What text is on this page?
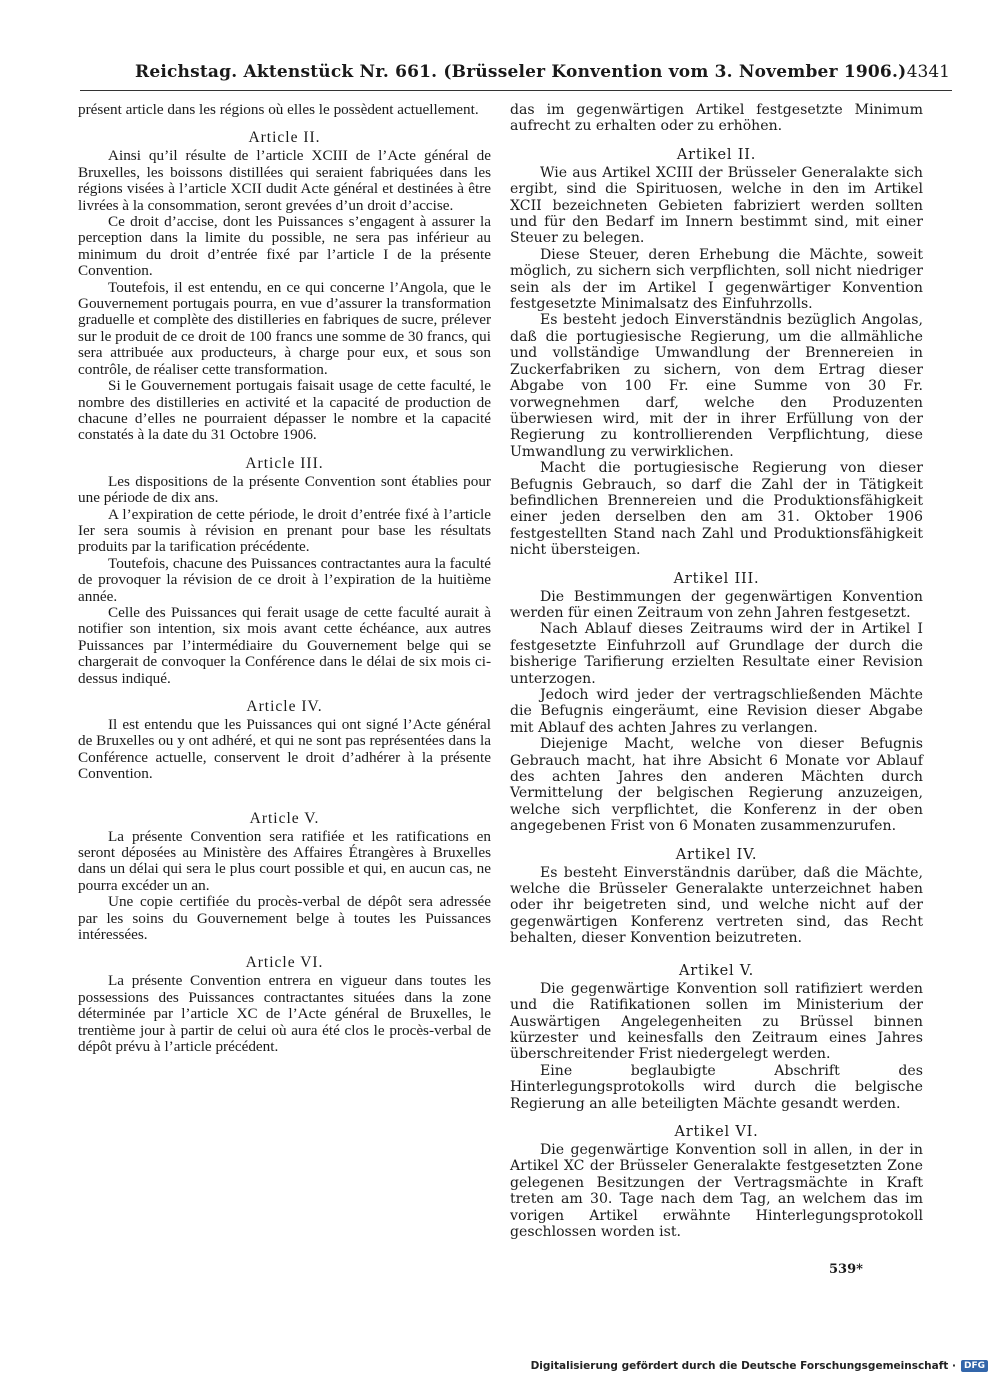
Reichstag. Aktenstück Nr. 661. (Brüsseler Konvention vom 3. November 1906.) 4341

présent article dans les régions où elles le possèdent actuellement.

Article II.

Ainsi qu’il résulte de l’article XCIII de l’Acte général de Bruxelles, les boissons distillées qui seraient fabriquées dans les régions visées à l’article XCII dudit Acte général et destinées à être livrées à la consommation, seront grevées d’un droit d’accise.

Ce droit d’accise, dont les Puissances s’engagent à assurer la perception dans la limite du possible, ne sera pas inférieur au minimum du droit d’entrée fixé par l’article I de la présente Convention.

Toutefois, il est entendu, en ce qui concerne l’Angola, que le Gouvernement portugais pourra, en vue d’assurer la transformation graduelle et complète des distilleries en fabriques de sucre, prélever sur le produit de ce droit de 100 francs une somme de 30 francs, qui sera attribuée aux producteurs, à charge pour eux, et sous son contrôle, de réaliser cette transformation.

Si le Gouvernement portugais faisait usage de cette faculté, le nombre des distilleries en activité et la capacité de production de chacune d’elles ne pourraient dépasser le nombre et la capacité constatés à la date du 31 Octobre 1906.

Article III.

Les dispositions de la présente Convention sont établies pour une période de dix ans.

A l’expiration de cette période, le droit d’entrée fixé à l’article Ier sera soumis à révision en prenant pour base les résultats produits par la tarification précédente.

Toutefois, chacune des Puissances contractantes aura la faculté de provoquer la révision de ce droit à l’expiration de la huitième année.

Celle des Puissances qui ferait usage de cette faculté aurait à notifier son intention, six mois avant cette échéance, aux autres Puissances par l’intermédiaire du Gouvernement belge qui se chargerait de convoquer la Conférence dans le délai de six mois ci-dessus indiqué.

Article IV.

Il est entendu que les Puissances qui ont signé l’Acte général de Bruxelles ou y ont adhéré, et qui ne sont pas représentées dans la Conférence actuelle, conservent le droit d’adhérer à la présente Convention.

Article V.

La présente Convention sera ratifiée et les ratifications en seront déposées au Ministère des Affaires Étrangères à Bruxelles dans un délai qui sera le plus court possible et qui, en aucun cas, ne pourra excéder un an.

Une copie certifiée du procès-verbal de dépôt sera adressée par les soins du Gouvernement belge à toutes les Puissances intéressées.

Article VI.

La présente Convention entrera en vigueur dans toutes les possessions des Puissances contractantes situées dans la zone déterminée par l’article XC de l’Acte général de Bruxelles, le trentième jour à partir de celui où aura été clos le procès-verbal de dépôt prévu à l’article précédent.

das im gegenwärtigen Artikel festgesetzte Minimum aufrecht zu erhalten oder zu erhöhen.

Artikel II.

Wie aus Artikel XCIII der Brüsseler Generalakte sich ergibt, sind die Spirituosen, welche in den im Artikel XCII bezeichneten Gebieten fabriziert werden sollten und für den Bedarf im Innern bestimmt sind, mit einer Steuer zu belegen.

Diese Steuer, deren Erhebung die Mächte, soweit möglich, zu sichern sich verpflichten, soll nicht niedriger sein als der im Artikel I gegenwärtiger Konvention festgesetzte Minimalsatz des Einfuhrzolls.

Es besteht jedoch Einverständnis bezüglich Angolas, daß die portugiesische Regierung, um die allmähliche und vollständige Umwandlung der Brennereien in Zuckerfabriken zu sichern, von dem Ertrag dieser Abgabe von 100 Fr. eine Summe von 30 Fr. vorwegnehmen darf, welche den Produzenten überwiesen wird, mit der in ihrer Erfüllung von der Regierung zu kontrollierenden Verpflichtung, diese Umwandlung zu verwirklichen.

Macht die portugiesische Regierung von dieser Befugnis Gebrauch, so darf die Zahl der in Tätigkeit befindlichen Brennereien und die Produktionsfähigkeit einer jeden derselben den am 31. Oktober 1906 festgestellten Stand nach Zahl und Produktionsfähigkeit nicht übersteigen.

Artikel III.

Die Bestimmungen der gegenwärtigen Konvention werden für einen Zeitraum von zehn Jahren festgesetzt.

Nach Ablauf dieses Zeitraums wird der in Artikel I festgesetzte Einfuhrzoll auf Grundlage der durch die bisherige Tarifierung erzielten Resultate einer Revision unterzogen.

Jedoch wird jeder der vertragschließenden Mächte die Befugnis eingeräumt, eine Revision dieser Abgabe mit Ablauf des achten Jahres zu verlangen.

Diejenige Macht, welche von dieser Befugnis Gebrauch macht, hat ihre Absicht 6 Monate vor Ablauf des achten Jahres den anderen Mächten durch Vermittelung der belgischen Regierung anzuzeigen, welche sich verpflichtet, die Konferenz in der oben angegebenen Frist von 6 Monaten zusammenzurufen.

Artikel IV.

Es besteht Einverständnis darüber, daß die Mächte, welche die Brüsseler Generalakte unterzeichnet haben oder ihr beigetreten sind, und welche nicht auf der gegenwärtigen Konferenz vertreten sind, das Recht behalten, dieser Konvention beizutreten.

Artikel V.

Die gegenwärtige Konvention soll ratifiziert werden und die Ratifikationen sollen im Ministerium der Auswärtigen Angelegenheiten zu Brüssel binnen kürzester und keinesfalls den Zeitraum eines Jahres überschreitender Frist niedergelegt werden.

Eine beglaubigte Abschrift des Hinterlegungsprotokolls wird durch die belgische Regierung an alle beteiligten Mächte gesandt werden.

Artikel VI.

Die gegenwärtige Konvention soll in allen, in der in Artikel XC der Brüsseler Generalakte festgesetzten Zone gelegenen Besitzungen der Vertragsmächte in Kraft treten am 30. Tage nach dem Tag, an welchem das im vorigen Artikel erwähnte Hinterlegungsprotokoll geschlossen worden ist.

539*
Digitalisierung gefördert durch die Deutsche Forschungsgemeinschaft · DFG
